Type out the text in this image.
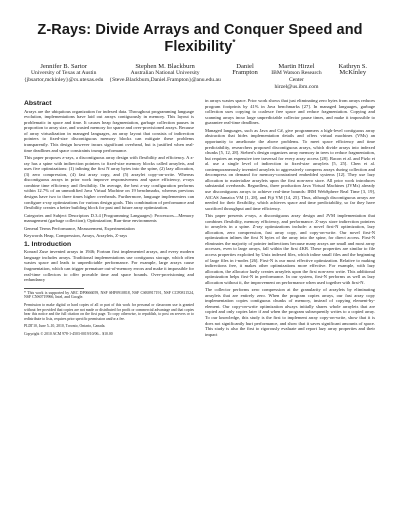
Z-Rays: Divide Arrays and Conquer Speed and Flexibility*
Jennifer B. Sartor
University of Texas at Austin
{jbsartor,mckinley}@cs.utexas.edu
Stephen M. Blackburn
Australian National University
{Steve.Blackburn,Daniel.Frampton}@anu.edu.au
Daniel Frampton
Martin Hirzel
IBM Watson Research Center
hirzel@us.ibm.com
Kathryn S. McKinley
Abstract

Arrays are the ubiquitous organization for indexed data. Throughout programming language evolution, implementations have laid out arrays contiguously in memory. This layout is problematic in space and time. It causes heap fragmentation, garbage collection pauses in proportion to array size, and wasted memory for sparse and over-provisioned arrays. Because of array virtualization in managed languages, an array layout that consists of indirection pointers to fixed-size discontiguous memory blocks can mitigate these problems transparently. This design however incurs significant overhead, but is justified when real-time deadlines and space constraints trump performance.

This paper proposes z-rays, a discontiguous array design with flexibility and efficiency. A z-ray has a spine with indirection pointers to fixed-size memory blocks called arraylets, and uses five optimizations: (1) inlining the first N array bytes into the spine, (2) lazy allocation, (3) zero compression, (4) fast array copy, and (5) arraylet copy-on-write. Whereas discontiguous arrays in prior work improve responsiveness and space efficiency, z-rays combine time efficiency and flexibility. On average, the best z-ray configuration performs within 12.7% of an unmodified Java Virtual Machine on 19 benchmarks, whereas previous designs have two to three times higher overheads. Furthermore, language implementers can configure z-ray optimizations for various design goals. This combination of performance and flexibility creates a better building block for past and future array optimization.

Categories and Subject Descriptors D.3.4 [Programming Languages]: Processors—Memory management (garbage collection); Optimization; Run-time environments

General Terms Performance, Measurement, Experimentation

Keywords Heap, Compression, Arrays, Arraylets, Z-rays

1. Introduction

Konrad Zuse invented arrays in 1946; Fortran first implemented arrays, and every modern language includes arrays. Traditional implementations use contiguous storage, which often wastes space and leads to unpredictable performance. For example, large arrays cause fragmentation, which can trigger premature out-of-memory errors and make it impossible for real-time collectors to offer provable time and space bounds. Over-provisioning and redundancy

* This work is supported by ARC DP0666059, NSF SHF0910818, NSF CSR0917191, NSF CCF0811524, NSF CNS0719966, Intel, and Google.

Permission to make digital or hard copies of all or part of this work for personal or classroom use is granted without fee provided that copies are not made or distributed for profit or commercial advantage and that copies bear this notice and the full citation on the first page. To copy otherwise, to republish, to post on servers or to redistribute to lists, requires prior specific permission and/or a fee.

PLDI'10, June 5–10, 2010, Toronto, Ontario, Canada.

Copyright © 2010 ACM 978-1-4503-0019/10/06... $10.00

in arrays wastes space. Prior work shows that just eliminating zero bytes from arrays reduces program footprints by 41% in Java benchmarks [27]. In managed languages, garbage collection uses copying to coalesce free space and reduce fragmentation. Copying and scanning arrays incur large unpredictable collector pause times, and make it impossible to guarantee real-time deadlines.

Managed languages, such as Java and C#, give programmers a high-level contiguous array abstraction that hides implementation details and offers virtual machines (VMs) an opportunity to ameliorate the above problems. To meet space efficiency and time predictability, researchers proposed discontiguous arrays, which divide arrays into indexed chunks [5, 12, 28]. Siebert's design organizes array memory in trees to reduce fragmentation, but requires an expensive tree traversal for every array access [28]. Bacon et al. and Pizlo et al. use a single level of indirection to fixed-size arraylets [5, 25]. Chen et al. contemporaneously invented arraylets to aggressively compress arrays during collection and decompress on demand for memory-constrained embedded systems [12]. They use lazy allocation to materialize arraylets upon the first non-zero store. All prior work introduces substantial overheads. Regardless, three production Java Virtual Machines (JVMs) already use discontiguous arrays to achieve real-time bounds: IBM WebSphere Real Time [3, 19], AICAS Jamaica VM [1, 28], and Fiji VM [14, 25]. Thus, although discontiguous arrays are needed for their flexibility, which achieves space and time predictability, so far they have sacrificed throughput and time efficiency.

This paper presents z-rays, a discontiguous array design and JVM implementation that combines flexibility, memory efficiency, and performance. Z-rays store indirection pointers to arraylets in a spine. Z-ray optimizations include: a novel first-N optimization, lazy allocation, zero compression, fast array copy, and copy-on-write. Our novel first-N optimization inlines the first N bytes of the array into the spine, for direct access. First-N eliminates the majority of pointer indirections because many arrays are small and most array accesses, even to large arrays, fall within the first 4KB. These properties are similar to file access properties exploited by Unix indexed files, which inline small files and the beginning of large files in i-nodes [26]. First-N is our most effective optimization. Relative to making indirections free, it makes other optimizations more effective. For example, with lazy allocation, the allocator lazily creates arraylets upon the first non-zero write. This additional optimization helps first-N in performance. In our system, first-N performs as well as lazy allocation without it, the improvement on performance when used together with first-N.

The collector performs zero compression at the granularity of arraylets by eliminating arraylets that are entirely zero. When the program copies arrays, our fast array copy implementation copies contiguous chunks of memory, instead of copying element-by-element. Our copy-on-write optimization always initially shares whole arraylets that are copied and only copies later if and when the program subsequently writes to a copied array. To our knowledge, this study is the first to implement array copy-on-write, show that it is does not significantly hurt performance, and show that it saves significant amounts of space. This study is also the first to rigorously evaluate and report lazy array properties and their impact
